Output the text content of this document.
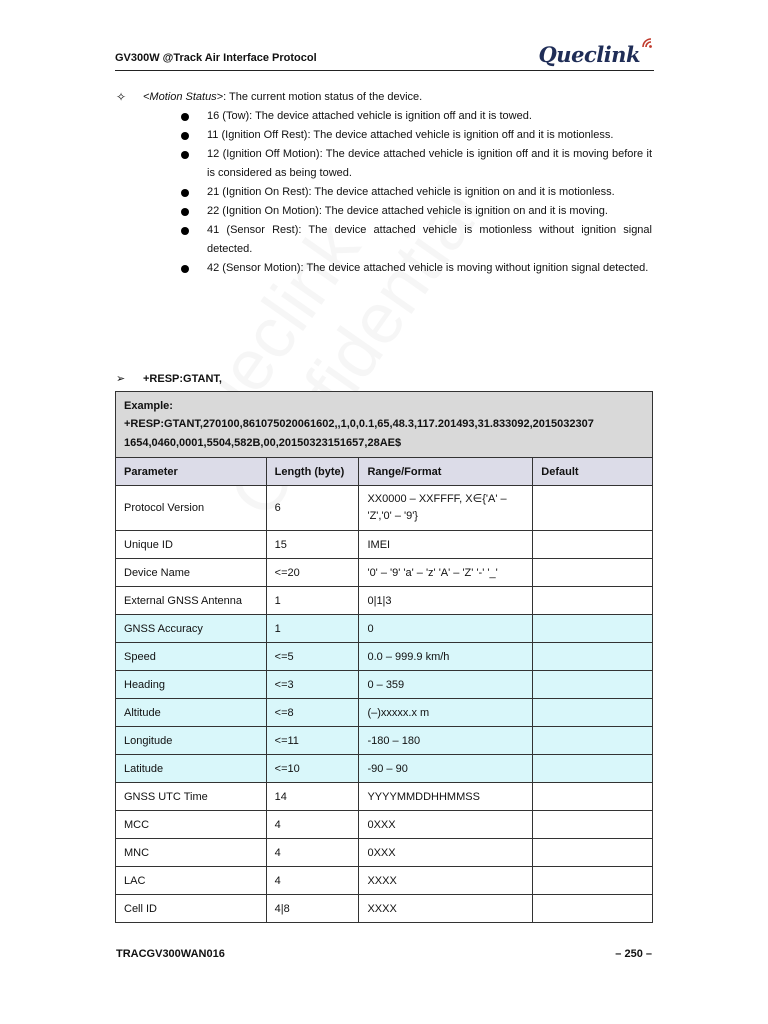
GV300W @Track Air Interface Protocol	Queclink

✧ <Motion Status>: The current motion status of the device.

16 (Tow): The device attached vehicle is ignition off and it is towed.
11 (Ignition Off Rest): The device attached vehicle is ignition off and it is motionless.
12 (Ignition Off Motion): The device attached vehicle is ignition off and it is moving before it is considered as being towed.
21 (Ignition On Rest): The device attached vehicle is ignition on and it is motionless.
22 (Ignition On Motion): The device attached vehicle is ignition on and it is moving.
41 (Sensor Rest): The device attached vehicle is motionless without ignition signal detected.
42 (Sensor Motion): The device attached vehicle is moving without ignition signal detected.
➢ +RESP:GTANT,
Example:
+RESP:GTANT,270100,861075020061602,,1,0,0.1,65,48.3,117.201493,31.833092,2015032307
1654,0460,0001,5504,582B,00,20150323151657,28AE$			

Parameter	Length (byte)	Range/Format	Default
Protocol Version	6	XX0000 – XXFFFF, X∈{'A' – 'Z','0' – '9'}	
Unique ID	15	IMEI	
Device Name	<=20	'0' – '9' 'a' – 'z' 'A' – 'Z' '-' '_'	
External GNSS Antenna	1	0|1|3	
GNSS Accuracy	1	0	
Speed	<=5	0.0 – 999.9 km/h	
Heading	<=3	0 – 359	
Altitude	<=8	(–)xxxxx.x m	
Longitude	<=11	-180 – 180	
Latitude	<=10	-90 – 90	
GNSS UTC Time	14	YYYYMMDDHHMMSS	
MCC	4	0XXX	
MNC	4	0XXX	
LAC	4	XXXX	
Cell ID	4|8	XXXX	
TRACGV300WAN016	– 250 –
